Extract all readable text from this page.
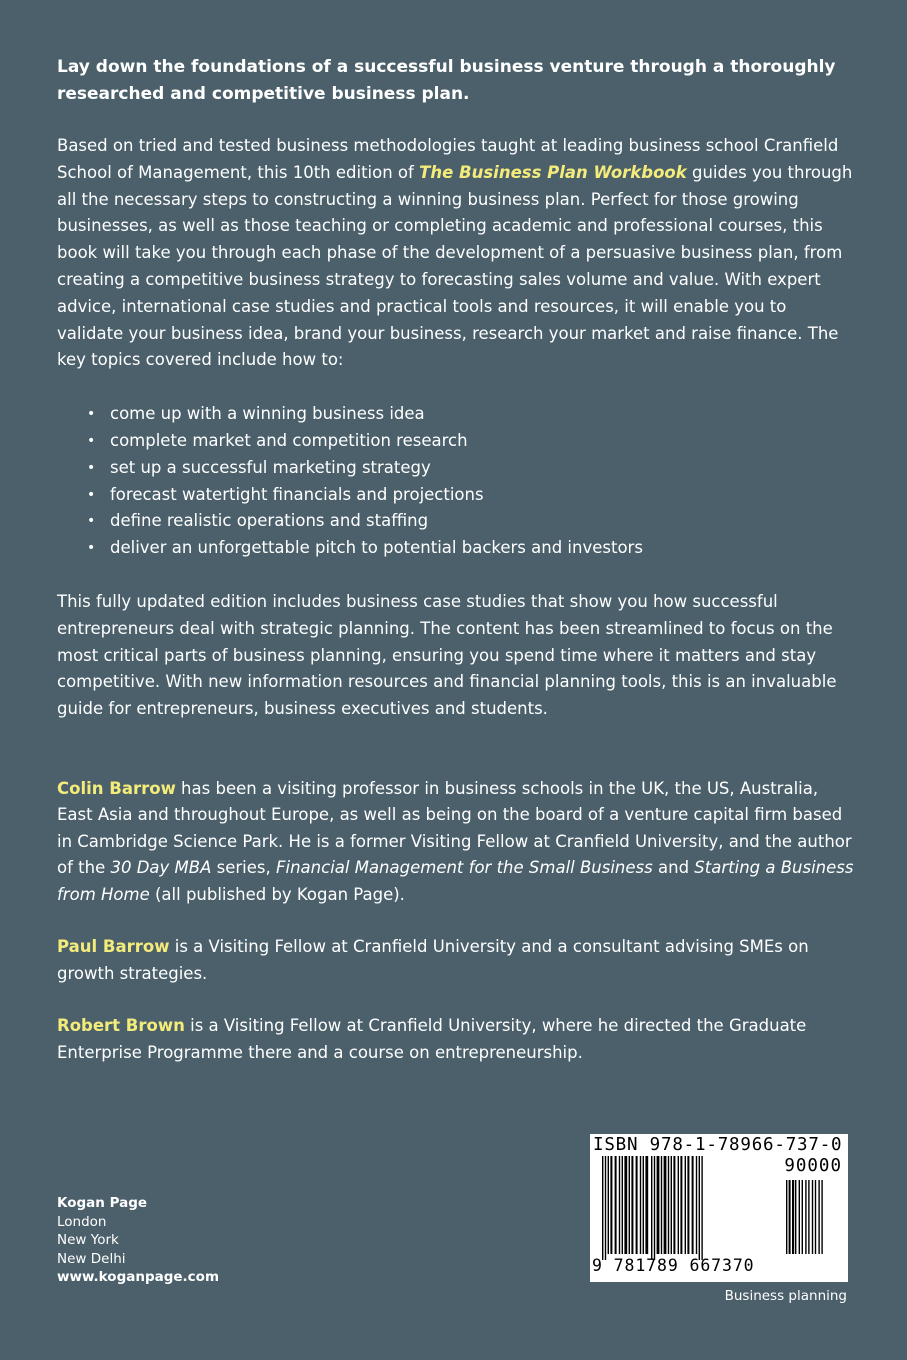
Lay down the foundations of a successful business venture through a thoroughly researched and competitive business plan.

Based on tried and tested business methodologies taught at leading business school Cranfield School of Management, this 10th edition of The Business Plan Workbook guides you through all the necessary steps to constructing a winning business plan. Perfect for those growing businesses, as well as those teaching or completing academic and professional courses, this book will take you through each phase of the development of a persuasive business plan, from creating a competitive business strategy to forecasting sales volume and value. With expert advice, international case studies and practical tools and resources, it will enable you to validate your business idea, brand your business, research your market and raise finance. The key topics covered include how to:

• come up with a winning business idea
• complete market and competition research
• set up a successful marketing strategy
• forecast watertight financials and projections
• define realistic operations and staffing
• deliver an unforgettable pitch to potential backers and investors

This fully updated edition includes business case studies that show you how successful entrepreneurs deal with strategic planning. The content has been streamlined to focus on the most critical parts of business planning, ensuring you spend time where it matters and stay competitive. With new information resources and financial planning tools, this is an invaluable guide for entrepreneurs, business executives and students.

Colin Barrow has been a visiting professor in business schools in the UK, the US, Australia, East Asia and throughout Europe, as well as being on the board of a venture capital firm based in Cambridge Science Park. He is a former Visiting Fellow at Cranfield University, and the author of the 30 Day MBA series, Financial Management for the Small Business and Starting a Business from Home (all published by Kogan Page).

Paul Barrow is a Visiting Fellow at Cranfield University and a consultant advising SMEs on growth strategies.

Robert Brown is a Visiting Fellow at Cranfield University, where he directed the Graduate Enterprise Programme there and a course on entrepreneurship.

Kogan Page
London
New York
New Delhi
www.koganpage.com
ISBN 978-1-78966-737-0
90000
9 781789 667370
Business planning
